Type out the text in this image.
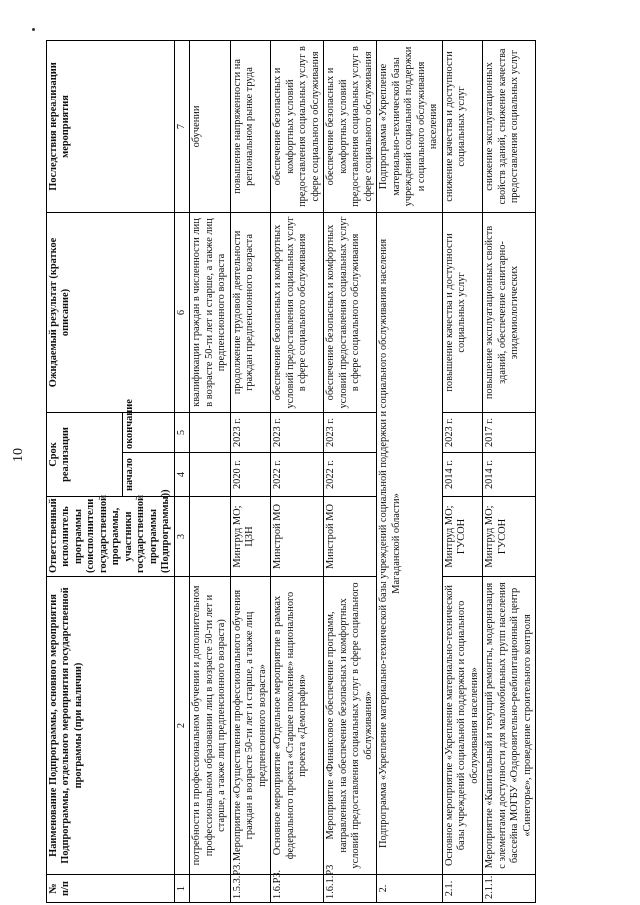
10
№ п/п	Наименование Подпрограммы, основного мероприятия Подпрограммы, отдельного мероприятия государственной программы (при наличии)	Ответственный исполнитель программы (соисполнители государственной программы, участники государственной программы (Подпрограммы))	Срок реализации		Ожидаемый результат (краткое описание)	Последствия нереализации мероприятия
			начало	окончание		
1	2	3	4	5	6	7
	потребности в профессиональном обучении и дополнительном профессиональном образовании лиц в возрасте 50-ти лет и старше, а также лиц предпенсионного возраста)				квалификации граждан в численности лиц в возрасте 50-ти лет и старше, а также лиц предпенсионного возраста	обучении
1.5.3.P3.	Мероприятие «Осуществление профессионального обучения граждан в возрасте 50-ти лет и старше, а также лиц предпенсионного возраста»	Минтруд МО; ЦЗН	2020 г.	2023 г.	продолжение трудовой деятельности граждан предпенсионного возраста	повышение напряженности на региональном рынке труда
1.6.Р3.	Основное мероприятие «Отдельное мероприятие в рамках федерального проекта «Старшее поколение» национального проекта «Демография»	Минстрой МО	2022 г.	2023 г.	обеспечение безопасных и комфортных условий предоставления социальных услуг в сфере социального обслуживания	обеспечение безопасных и комфортных условий предоставления социальных услуг в сфере социального обслуживания
1.6.1.Р3	Мероприятие «Финансовое обеспечение программ, направленных на обеспечение безопасных и комфортных условий предоставления социальных услуг в сфере социального обслуживания»	Минстрой МО	2022 г.	2023 г.	обеспечение безопасных и комфортных условий предоставления социальных услуг в сфере социального обслуживания	обеспечение безопасных и комфортных условий предоставления социальных услуг в сфере социального обслуживания
2.	Подпрограмма «Укрепление материально-технической базы учреждений социальной поддержки и социального обслуживания населения Магаданской области»					Подпрограмма «Укрепление материально-технической базы учреждений социальной поддержки и социального обслуживания населения
2.1.	Основное мероприятие «Укрепление материально-технической базы учреждений социальной поддержки и социального обслуживания населения»	Минтруд МО; ГУСОН	2014 г.	2023 г.	повышение качества и доступности социальных услуг	снижение качества и доступности социальных услуг
2.1.1.	Мероприятие «Капитальный и текущий ремонты, модернизация с элементами доступности для маломобильных групп населения бассейна МОГБУ «Оздоровительно-реабилитационный центр «Синегорье», проведение строительного контроля	Минтруд МО; ГУСОН	2014 г.	2017 г.	повышение эксплуатационных свойств зданий, обеспечение санитарно-эпидемиологических	снижение эксплуатационных свойств зданий, снижение качества предоставления социальных услуг
